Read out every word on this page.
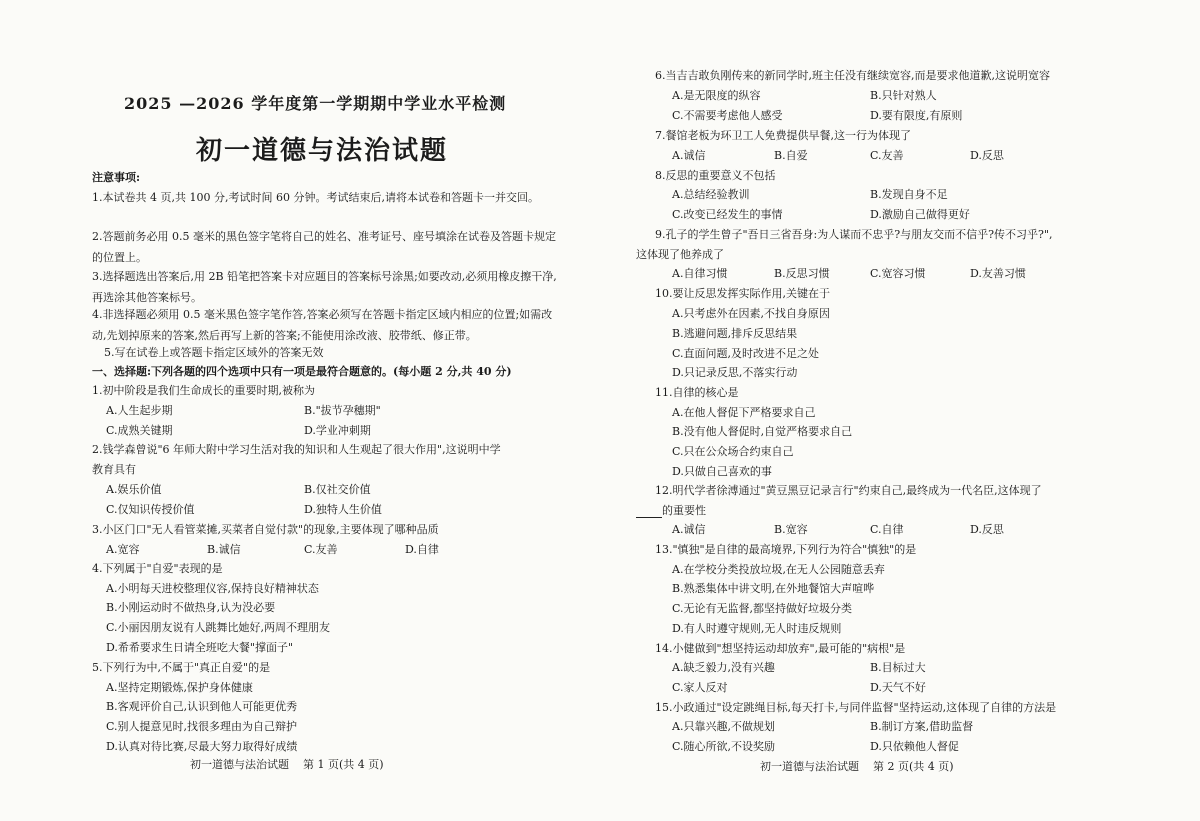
2025 —2026 学年度第一学期期中学业水平检测
初一道德与法治试题
注意事项:
1.本试卷共 4 页,共 100 分,考试时间 60 分钟。考试结束后,请将本试卷和答题卡一并交回。
2.答题前务必用 0.5 毫米的黑色签字笔将自己的姓名、准考证号、座号填涂在试卷及答题卡规定的位置上。
3.选择题选出答案后,用 2B 铅笔把答案卡对应题目的答案标号涂黑;如要改动,必须用橡皮擦干净,再选涂其他答案标号。
4.非选择题必须用 0.5 毫米黑色签字笔作答,答案必须写在答题卡指定区域内相应的位置;如需改动,先划掉原来的答案,然后再写上新的答案;不能使用涂改液、胶带纸、修正带。
5.写在试卷上或答题卡指定区域外的答案无效
一、选择题:下列各题的四个选项中只有一项是最符合题意的。(每小题 2 分,共 40 分)
1.初中阶段是我们生命成长的重要时期,被称为
A.人生起步期	B."拔节孕穗期"
C.成熟关键期	D.学业冲刺期
2.钱学森曾说"6 年师大附中学习生活对我的知识和人生观起了很大作用",这说明中学
教育具有
A.娱乐价值	B.仅社交价值
C.仅知识传授价值	D.独特人生价值
3.小区门口"无人看管菜摊,买菜者自觉付款"的现象,主要体现了哪种品质
A.宽容	B.诚信	C.友善	D.自律
4.下列属于"自爱"表现的是
A.小明每天进校整理仪容,保持良好精神状态
B.小刚运动时不做热身,认为没必要
C.小丽因朋友说有人跳舞比她好,两周不理朋友
D.希希要求生日请全班吃大餐"撑面子"
5.下列行为中,不属于"真正自爱"的是
A.坚持定期锻炼,保护身体健康
B.客观评价自己,认识到他人可能更优秀
C.别人提意见时,找很多理由为自己辩护
D.认真对待比赛,尽最大努力取得好成绩
初一道德与法治试题    第 1 页(共 4 页)
6.当吉吉敢负刚传来的新同学时,班主任没有继续宽容,而是要求他道歉,这说明宽容
A.是无限度的纵容	B.只针对熟人
C.不需要考虑他人感受	D.要有限度,有原则
7.餐馆老板为环卫工人免费提供早餐,这一行为体现了
A.诚信	B.自爱	C.友善	D.反思
8.反思的重要意义不包括
A.总结经验教训	B.发现自身不足
C.改变已经发生的事情	D.激励自己做得更好
9.孔子的学生曾子"吾日三省吾身:为人谋而不忠乎?与朋友交而不信乎?传不习乎?",
这体现了他养成了
A.自律习惯	B.反思习惯	C.宽容习惯	D.友善习惯
10.要让反思发挥实际作用,关键在于
A.只考虑外在因素,不找自身原因
B.逃避问题,排斥反思结果
C.直面问题,及时改进不足之处
D.只记录反思,不落实行动
11.自律的核心是
A.在他人督促下严格要求自己
B.没有他人督促时,自觉严格要求自己
C.只在公众场合约束自己
D.只做自己喜欢的事
12.明代学者徐溥通过"黄豆黑豆记录言行"约束自己,最终成为一代名臣,这体现了
的重要性
A.诚信	B.宽容	C.自律	D.反思
13."慎独"是自律的最高境界,下列行为符合"慎独"的是
A.在学校分类投放垃圾,在无人公园随意丢弃
B.熟悉集体中讲文明,在外地餐馆大声喧哗
C.无论有无监督,都坚持做好垃圾分类
D.有人时遵守规则,无人时违反规则
14.小健做到"想坚持运动却放弃",最可能的"病根"是
A.缺乏毅力,没有兴趣	B.目标过大
C.家人反对	D.天气不好
15.小政通过"设定跳绳目标,每天打卡,与同伴监督"坚持运动,这体现了自律的方法是
A.只靠兴趣,不做规划	B.制订方案,借助监督
C.随心所欲,不设奖励	D.只依赖他人督促
初一道德与法治试题    第 2 页(共 4 页)
